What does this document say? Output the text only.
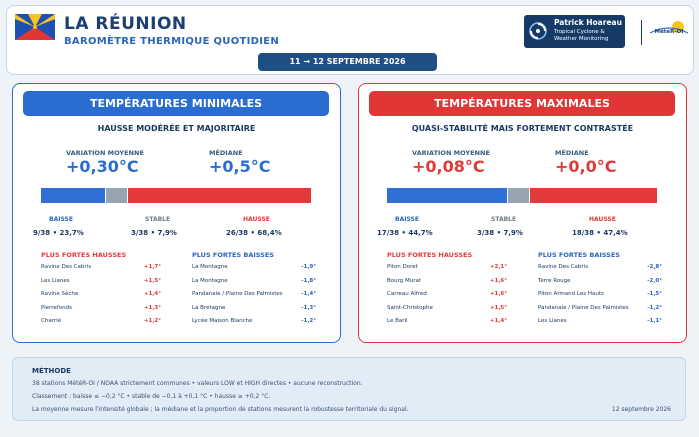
LA RÉUNION
BAROMÈTRE THERMIQUE QUOTIDIEN
11 → 12 SEPTEMBRE 2026
Patrick Hoareau
Tropical Cyclone &
Weather Monitoring
MétéR-OI
TEMPÉRATURES MINIMALES
HAUSSE MODÉRÉE ET MAJORITAIRE
VARIATION MOYENNE
+0,30°C
MÉDIANE
+0,5°C
BAISSE	STABLE	HAUSSE
9/38 • 23,7%	3/38 • 7,9%	26/38 • 68,4%
PLUS FORTES HAUSSES
Ravine Des Cabris	+1,7°
Les Lianes	+1,5°
Ravine Sèche	+1,4°
Pierrefonds	+1,3°
Charrié	+1,2°
PLUS FORTES BAISSES
La Montagne	-1,9°
La Montagne	-1,8°
Pandanaie / Plaine Des Palmistes	-1,4°
La Bretagne	-1,3°
Lycée Maison Blanche	-1,2°
TEMPÉRATURES MAXIMALES
QUASI-STABILITÉ MAIS FORTEMENT CONTRASTÉE
VARIATION MOYENNE
+0,08°C
MÉDIANE
+0,0°C
BAISSE	STABLE	HAUSSE
17/38 • 44,7%	3/38 • 7,9%	18/38 • 47,4%
PLUS FORTES HAUSSES
Piton Doret	+2,1°
Bourg Murat	+1,6°
Carreau Alfred	+1,6°
Saint-Christophe	+1,5°
Le Baril	+1,4°
PLUS FORTES BAISSES
Ravine Des Cabris	-2,8°
Terre Rouge	-2,0°
Piton Armand Les Hauts	-1,5°
Pandanaie / Plaine Des Palmistes	-1,2°
Les Lianes	-1,1°
MÉTHODE
38 stations MétéR-OI / NOAA strictement communes • valeurs LOW et HIGH directes • aucune reconstruction.
Classement : baisse ≤ −0,2 °C • stable de −0,1 à +0,1 °C • hausse ≥ +0,2 °C.
La moyenne mesure l'intensité globale ; la médiane et la proportion de stations mesurent la robustesse territoriale du signal.	12 septembre 2026
